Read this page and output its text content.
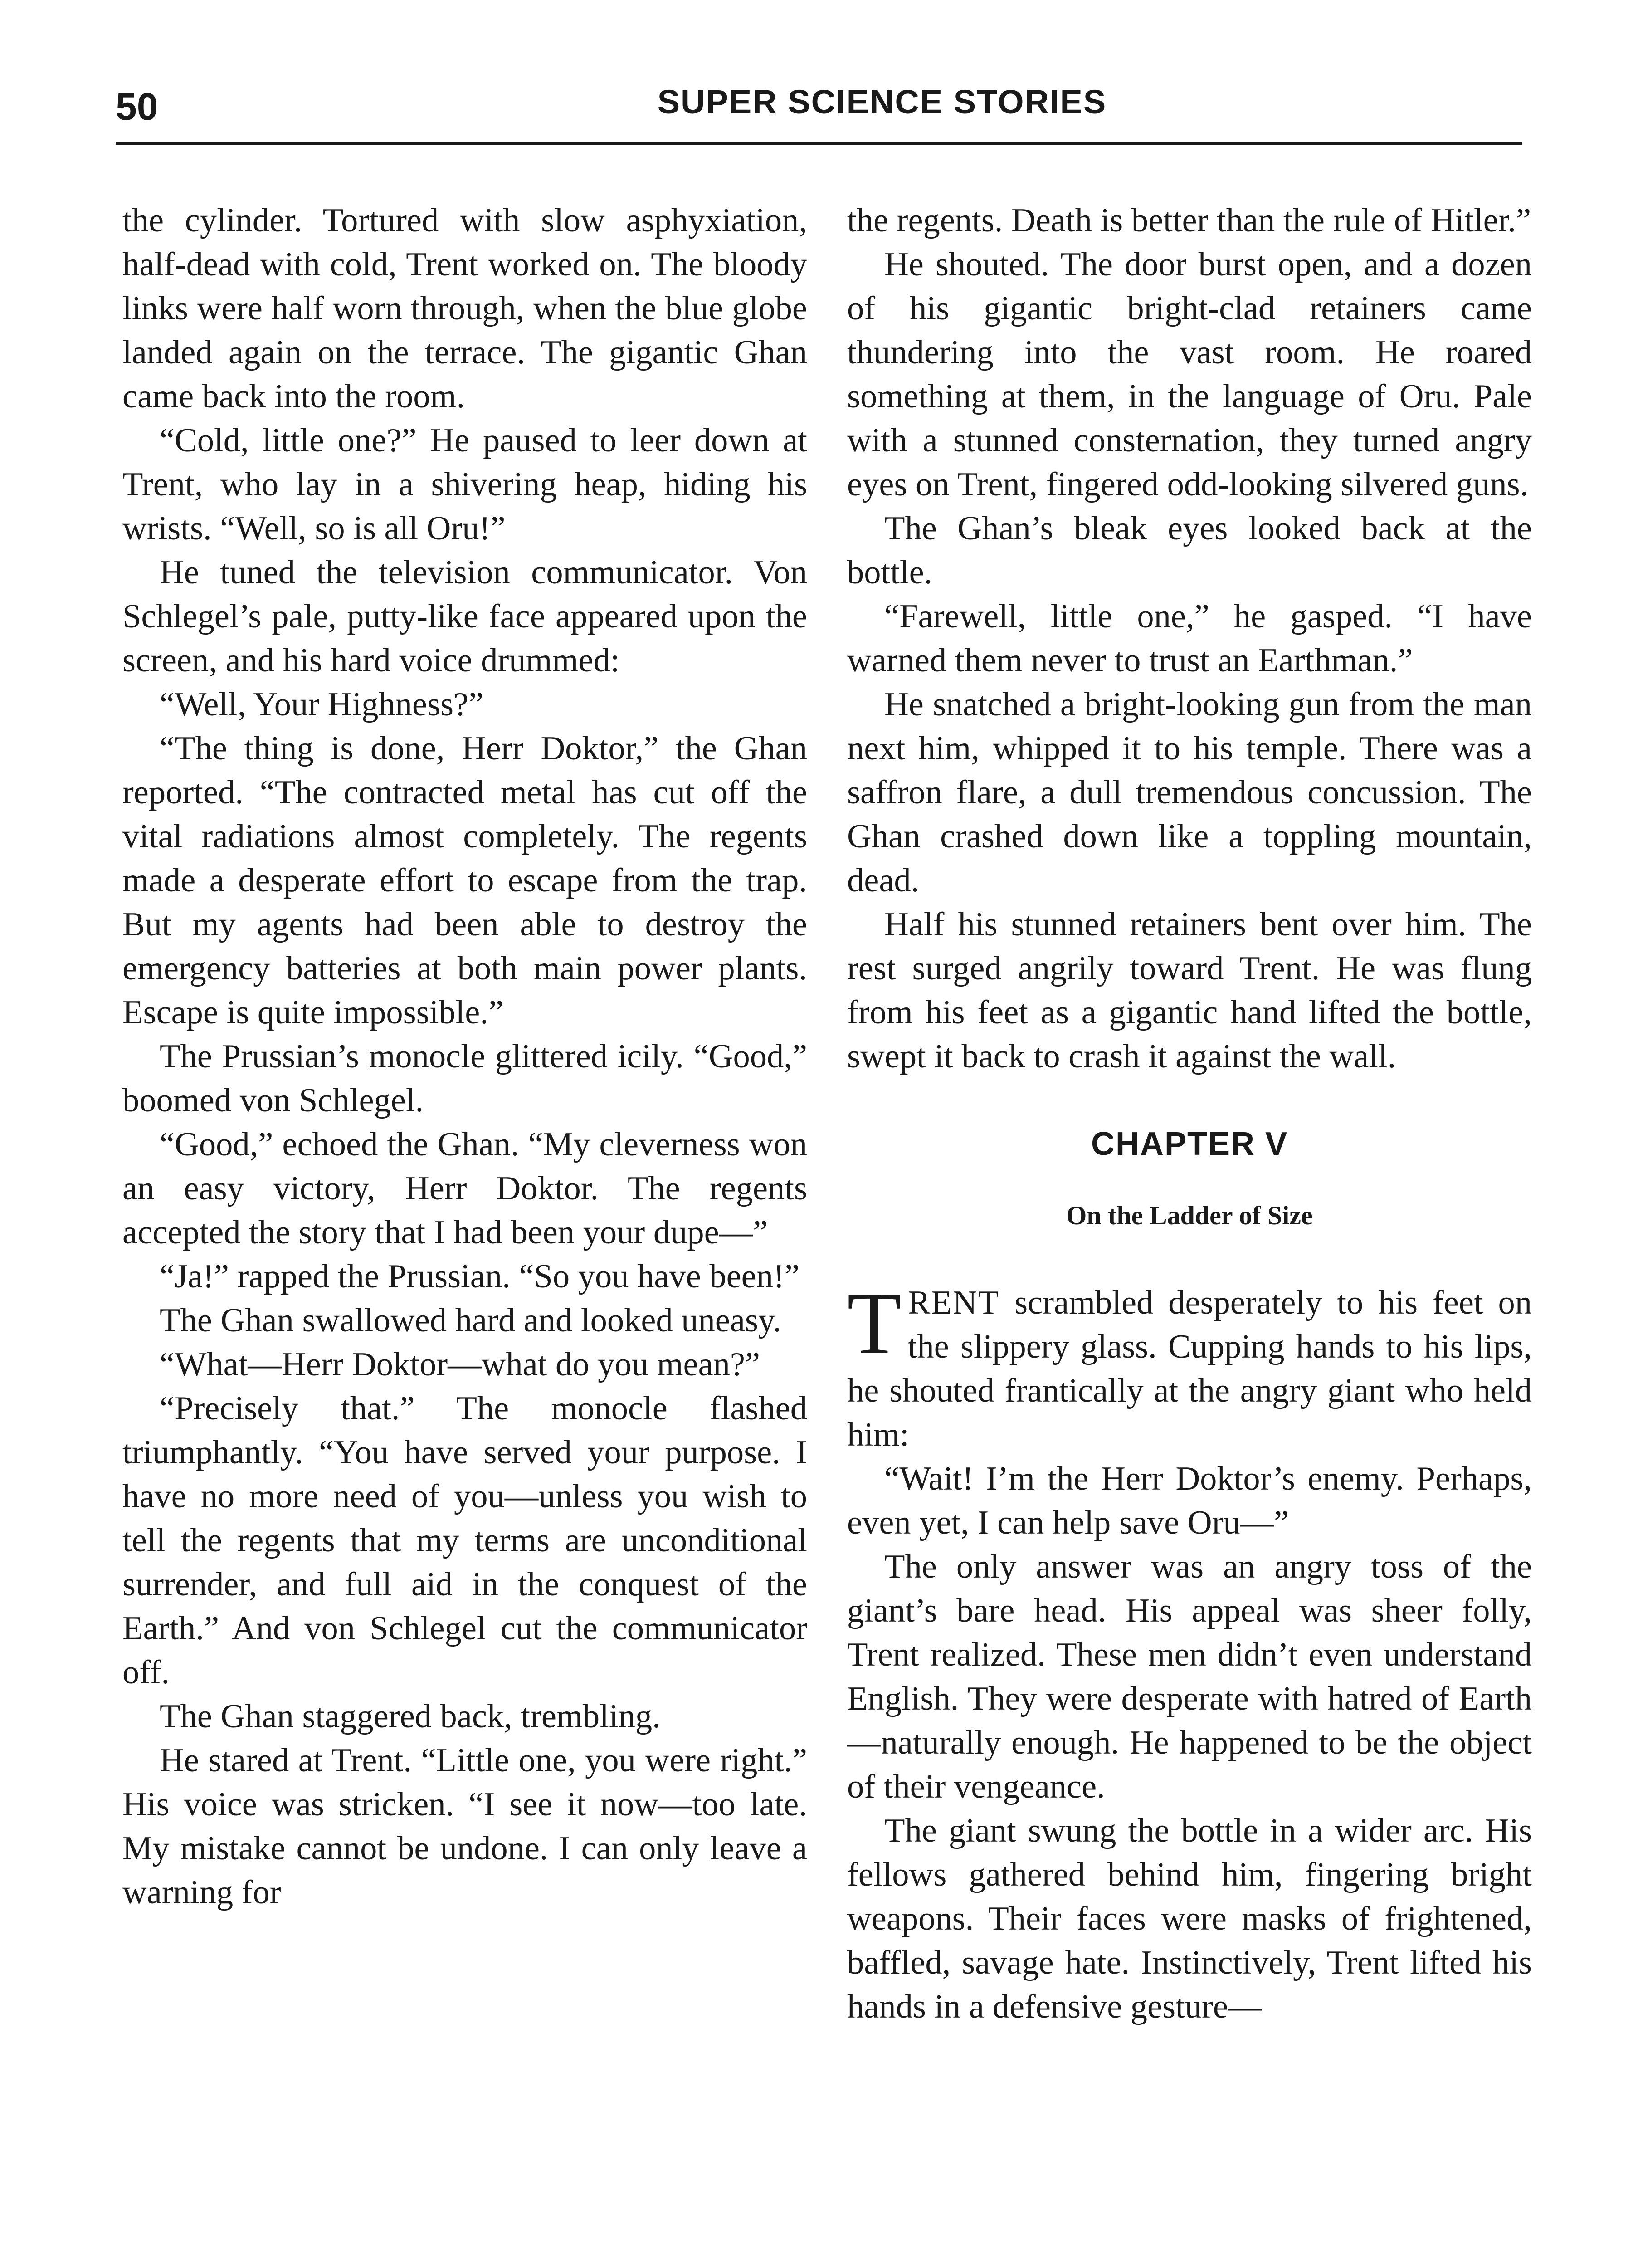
50	SUPER SCIENCE STORIES

the cylinder. Tortured with slow asphyxiation, half-dead with cold, Trent worked on. The bloody links were half worn through, when the blue globe landed again on the terrace. The gigantic Ghan came back into the room.

“Cold, little one?” He paused to leer down at Trent, who lay in a shivering heap, hiding his wrists. “Well, so is all Oru!”

He tuned the television communicator. Von Schlegel’s pale, putty-like face appeared upon the screen, and his hard voice drummed:

“Well, Your Highness?”

“The thing is done, Herr Doktor,” the Ghan reported. “The contracted metal has cut off the vital radiations almost completely. The regents made a desperate effort to escape from the trap. But my agents had been able to destroy the emergency batteries at both main power plants. Escape is quite impossible.”

The Prussian’s monocle glittered icily. “Good,” boomed von Schlegel.

“Good,” echoed the Ghan. “My cleverness won an easy victory, Herr Doktor. The regents accepted the story that I had been your dupe—”

“Ja!” rapped the Prussian. “So you have been!”

The Ghan swallowed hard and looked uneasy.

“What—Herr Doktor—what do you mean?”

“Precisely that.” The monocle flashed triumphantly. “You have served your purpose. I have no more need of you—unless you wish to tell the regents that my terms are unconditional surrender, and full aid in the conquest of the Earth.” And von Schlegel cut the communicator off.

The Ghan staggered back, trembling.

He stared at Trent. “Little one, you were right.” His voice was stricken. “I see it now—too late. My mistake cannot be undone. I can only leave a warning for

the regents. Death is better than the rule of Hitler.”

He shouted. The door burst open, and a dozen of his gigantic bright-clad retainers came thundering into the vast room. He roared something at them, in the language of Oru. Pale with a stunned consternation, they turned angry eyes on Trent, fingered odd-looking silvered guns.

The Ghan’s bleak eyes looked back at the bottle.

“Farewell, little one,” he gasped. “I have warned them never to trust an Earthman.”

He snatched a bright-looking gun from the man next him, whipped it to his temple. There was a saffron flare, a dull tremendous concussion. The Ghan crashed down like a toppling mountain, dead.

Half his stunned retainers bent over him. The rest surged angrily toward Trent. He was flung from his feet as a gigantic hand lifted the bottle, swept it back to crash it against the wall.

CHAPTER V
On the Ladder of Size

TRENT scrambled desperately to his feet on the slippery glass. Cupping hands to his lips, he shouted frantically at the angry giant who held him:

“Wait! I’m the Herr Doktor’s enemy. Perhaps, even yet, I can help save Oru—”

The only answer was an angry toss of the giant’s bare head. His appeal was sheer folly, Trent realized. These men didn’t even understand English. They were desperate with hatred of Earth—naturally enough. He happened to be the object of their vengeance.

The giant swung the bottle in a wider arc. His fellows gathered behind him, fingering bright weapons. Their faces were masks of frightened, baffled, savage hate. Instinctively, Trent lifted his hands in a defensive gesture—
